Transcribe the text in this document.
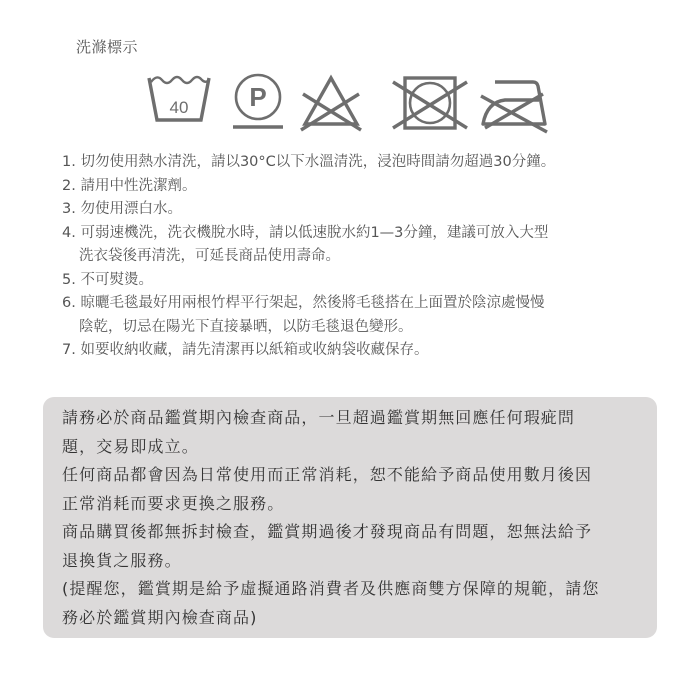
洗滌標示
40 P
1. 切勿使用熱水清洗，請以30°C以下水溫清洗，浸泡時間請勿超過30分鐘。
2. 請用中性洗潔劑。
3. 勿使用漂白水。
4. 可弱速機洗，洗衣機脫水時，請以低速脫水約1—3分鐘，建議可放入大型
洗衣袋後再清洗，可延長商品使用壽命。
5. 不可熨燙。
6. 晾曬毛毯最好用兩根竹桿平行架起，然後將毛毯搭在上面置於陰涼處慢慢
陰乾，切忌在陽光下直接暴晒，以防毛毯退色變形。
7. 如要收納收藏，請先清潔再以紙箱或收納袋收藏保存。

請務必於商品鑑賞期內檢查商品，一旦超過鑑賞期無回應任何瑕疵問

題，交易即成立。

任何商品都會因為日常使用而正常消耗，恕不能給予商品使用數月後因

正常消耗而要求更換之服務。

商品購買後都無拆封檢查，鑑賞期過後才發現商品有問題，恕無法給予

退換貨之服務。

(提醒您，鑑賞期是給予虛擬通路消費者及供應商雙方保障的規範，請您

務必於鑑賞期內檢查商品)
